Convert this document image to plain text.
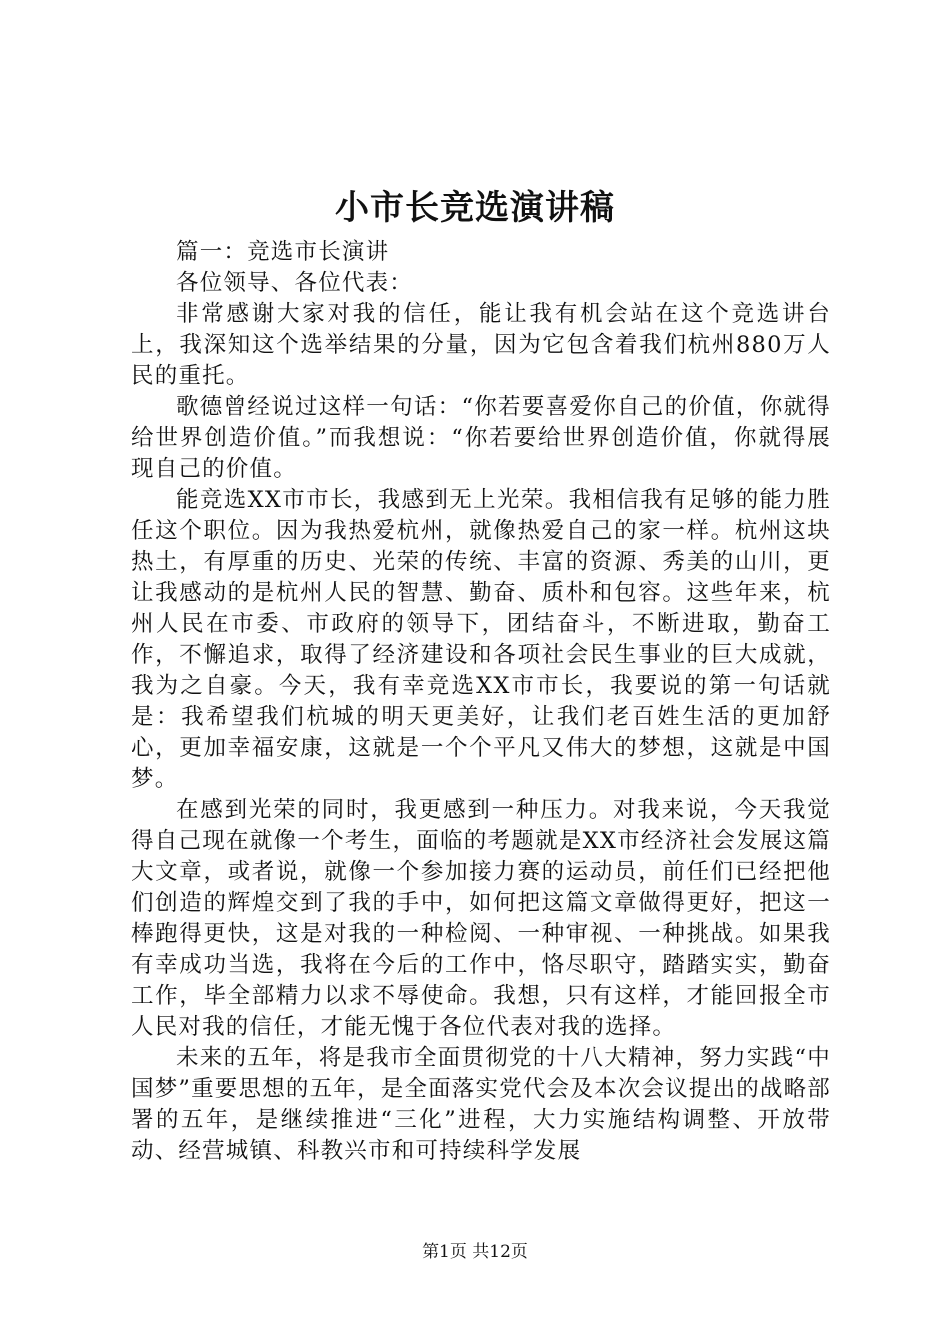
小市长竞选演讲稿

篇一：竞选市长演讲

各位领导、各位代表：

非常感谢大家对我的信任，能让我有机会站在这个竞选讲台上，我深知这个选举结果的分量，因为它包含着我们杭州880万人民的重托。

歌德曾经说过这样一句话：“你若要喜爱你自己的价值，你就得给世界创造价值。”而我想说：“你若要给世界创造价值，你就得展现自己的价值。

能竞选XX市市长，我感到无上光荣。我相信我有足够的能力胜任这个职位。因为我热爱杭州，就像热爱自己的家一样。杭州这块热土，有厚重的历史、光荣的传统、丰富的资源、秀美的山川，更让我感动的是杭州人民的智慧、勤奋、质朴和包容。这些年来，杭州人民在市委、市政府的领导下，团结奋斗，不断进取，勤奋工作，不懈追求，取得了经济建设和各项社会民生事业的巨大成就，我为之自豪。今天，我有幸竞选XX市市长，我要说的第一句话就是：我希望我们杭城的明天更美好，让我们老百姓生活的更加舒心，更加幸福安康，这就是一个个平凡又伟大的梦想，这就是中国梦。

在感到光荣的同时，我更感到一种压力。对我来说，今天我觉得自己现在就像一个考生，面临的考题就是XX市经济社会发展这篇大文章，或者说，就像一个参加接力赛的运动员，前任们已经把他们创造的辉煌交到了我的手中，如何把这篇文章做得更好，把这一棒跑得更快，这是对我的一种检阅、一种审视、一种挑战。如果我有幸成功当选，我将在今后的工作中，恪尽职守，踏踏实实，勤奋工作，毕全部精力以求不辱使命。我想，只有这样，才能回报全市人民对我的信任，才能无愧于各位代表对我的选择。

未来的五年，将是我市全面贯彻党的十八大精神，努力实践“中国梦”重要思想的五年，是全面落实党代会及本次会议提出的战略部署的五年，是继续推进“三化”进程，大力实施结构调整、开放带动、经营城镇、科教兴市和可持续科学发展

第1页 共12页
